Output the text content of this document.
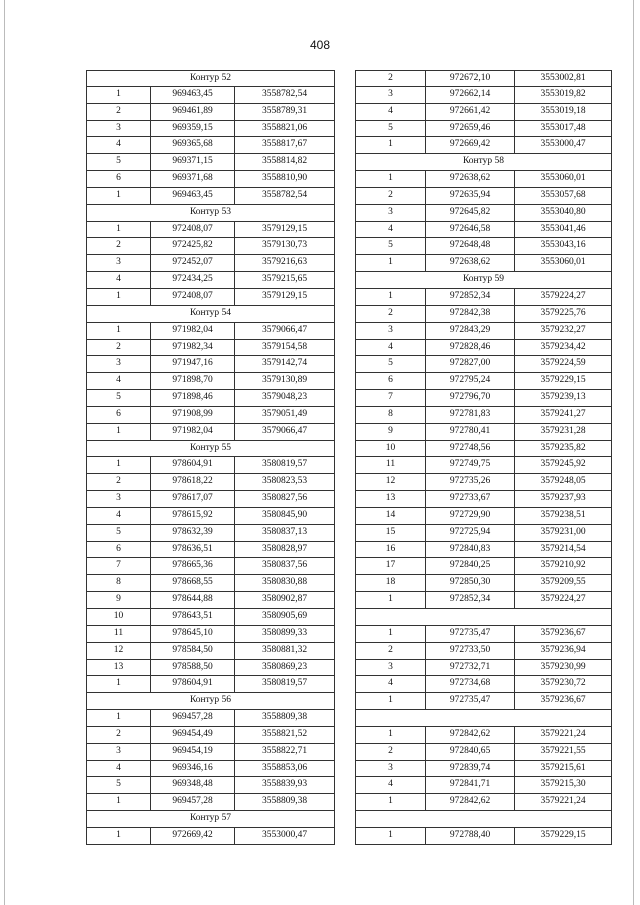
408
Контур 52
1	969463,45	3558782,54
2	969461,89	3558789,31
3	969359,15	3558821,06
4	969365,68	3558817,67
5	969371,15	3558814,82
6	969371,68	3558810,90
1	969463,45	3558782,54
Контур 53
1	972408,07	3579129,15
2	972425,82	3579130,73
3	972452,07	3579216,63
4	972434,25	3579215,65
1	972408,07	3579129,15
Контур 54
1	971982,04	3579066,47
2	971982,34	3579154,58
3	971947,16	3579142,74
4	971898,70	3579130,89
5	971898,46	3579048,23
6	971908,99	3579051,49
1	971982,04	3579066,47
Контур 55
1	978604,91	3580819,57
2	978618,22	3580823,53
3	978617,07	3580827,56
4	978615,92	3580845,90
5	978632,39	3580837,13
6	978636,51	3580828,97
7	978665,36	3580837,56
8	978668,55	3580830,88
9	978644,88	3580902,87
10	978643,51	3580905,69
11	978645,10	3580899,33
12	978584,50	3580881,32
13	978588,50	3580869,23
1	978604,91	3580819,57
Контур 56
1	969457,28	3558809,38
2	969454,49	3558821,52
3	969454,19	3558822,71
4	969346,16	3558853,06
5	969348,48	3558839,93
1	969457,28	3558809,38
Контур 57
1	972669,42	3553000,47
2	972672,10	3553002,81
3	972662,14	3553019,82
4	972661,42	3553019,18
5	972659,46	3553017,48
1	972669,42	3553000,47
Контур 58
1	972638,62	3553060,01
2	972635,94	3553057,68
3	972645,82	3553040,80
4	972646,58	3553041,46
5	972648,48	3553043,16
1	972638,62	3553060,01
Контур 59
1	972852,34	3579224,27
2	972842,38	3579225,76
3	972843,29	3579232,27
4	972828,46	3579234,42
5	972827,00	3579224,59
6	972795,24	3579229,15
7	972796,70	3579239,13
8	972781,83	3579241,27
9	972780,41	3579231,28
10	972748,56	3579235,82
11	972749,75	3579245,92
12	972735,26	3579248,05
13	972733,67	3579237,93
14	972729,90	3579238,51
15	972725,94	3579231,00
16	972840,83	3579214,54
17	972840,25	3579210,92
18	972850,30	3579209,55
1	972852,34	3579224,27
1	972735,47	3579236,67
2	972733,50	3579236,94
3	972732,71	3579230,99
4	972734,68	3579230,72
1	972735,47	3579236,67
1	972842,62	3579221,24
2	972840,65	3579221,55
3	972839,74	3579215,61
4	972841,71	3579215,30
1	972842,62	3579221,24
1	972788,40	3579229,15
